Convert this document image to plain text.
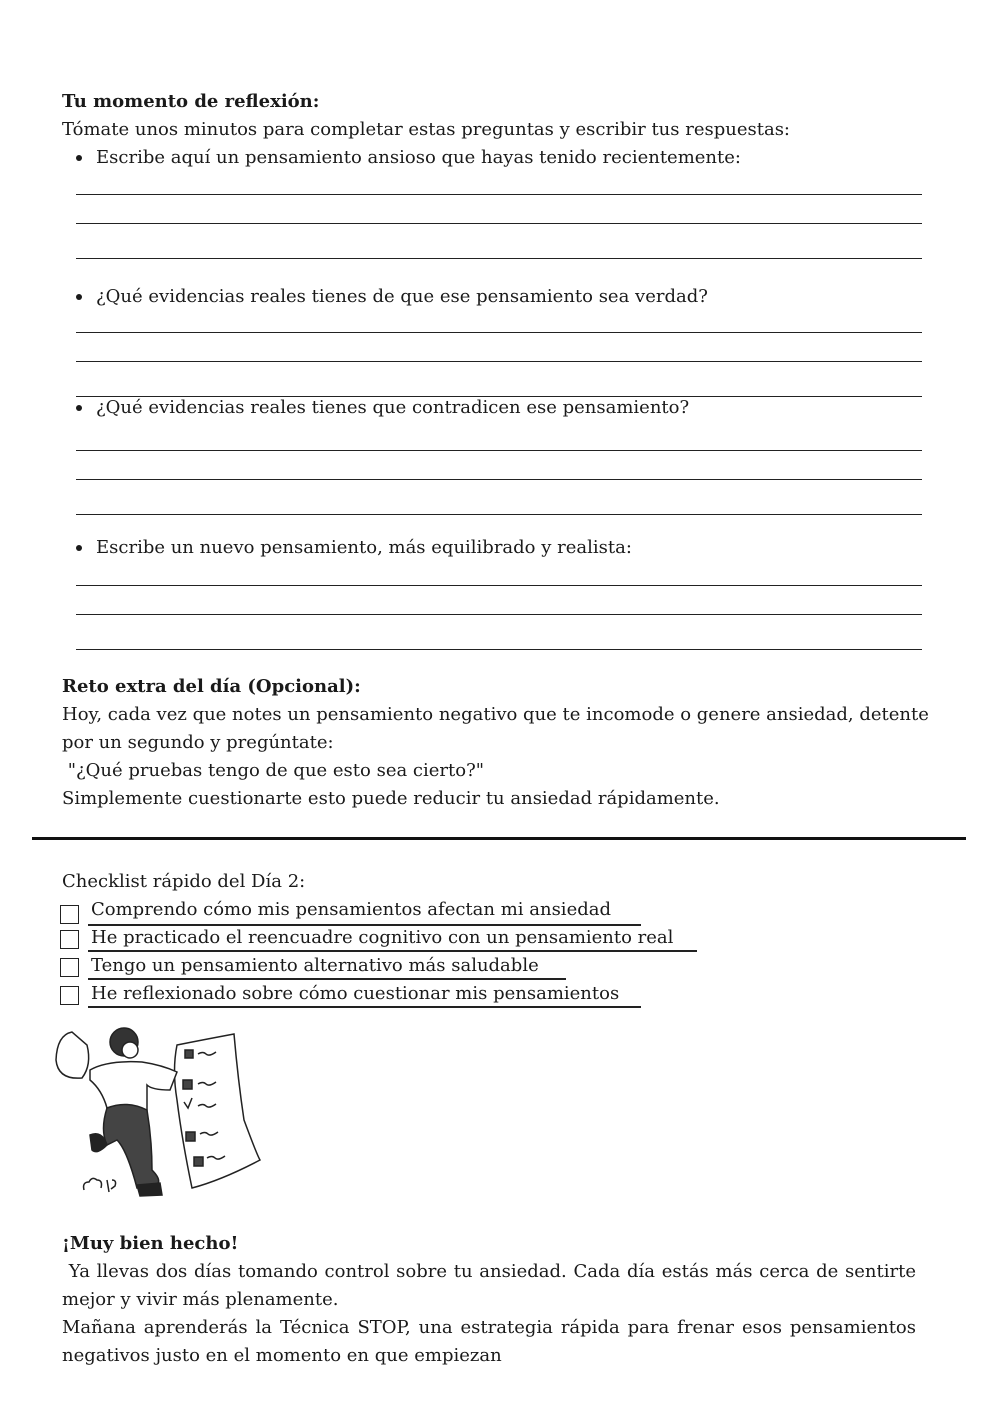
Tu momento de reflexión:
Tómate unos minutos para completar estas preguntas y escribir tus respuestas:
Escribe aquí un pensamiento ansioso que hayas tenido recientemente:
¿Qué evidencias reales tienes de que ese pensamiento sea verdad?
¿Qué evidencias reales tienes que contradicen ese pensamiento?
Escribe un nuevo pensamiento, más equilibrado y realista:
Reto extra del día (Opcional):
Hoy, cada vez que notes un pensamiento negativo que te incomode o genere ansiedad, detente
por un segundo y pregúntate:
"¿Qué pruebas tengo de que esto sea cierto?"
Simplemente cuestionarte esto puede reducir tu ansiedad rápidamente.
Checklist rápido del Día 2:
Comprendo cómo mis pensamientos afectan mi ansiedad
He practicado el reencuadre cognitivo con un pensamiento real
Tengo un pensamiento alternativo más saludable
He reflexionado sobre cómo cuestionar mis pensamientos
¡Muy bien hecho!
Ya llevas dos días tomando control sobre tu ansiedad. Cada día estás más cerca de sentirte mejor y vivir más plenamente.
Mañana aprenderás la Técnica STOP, una estrategia rápida para frenar esos pensamientos negativos justo en el momento en que empiezan
